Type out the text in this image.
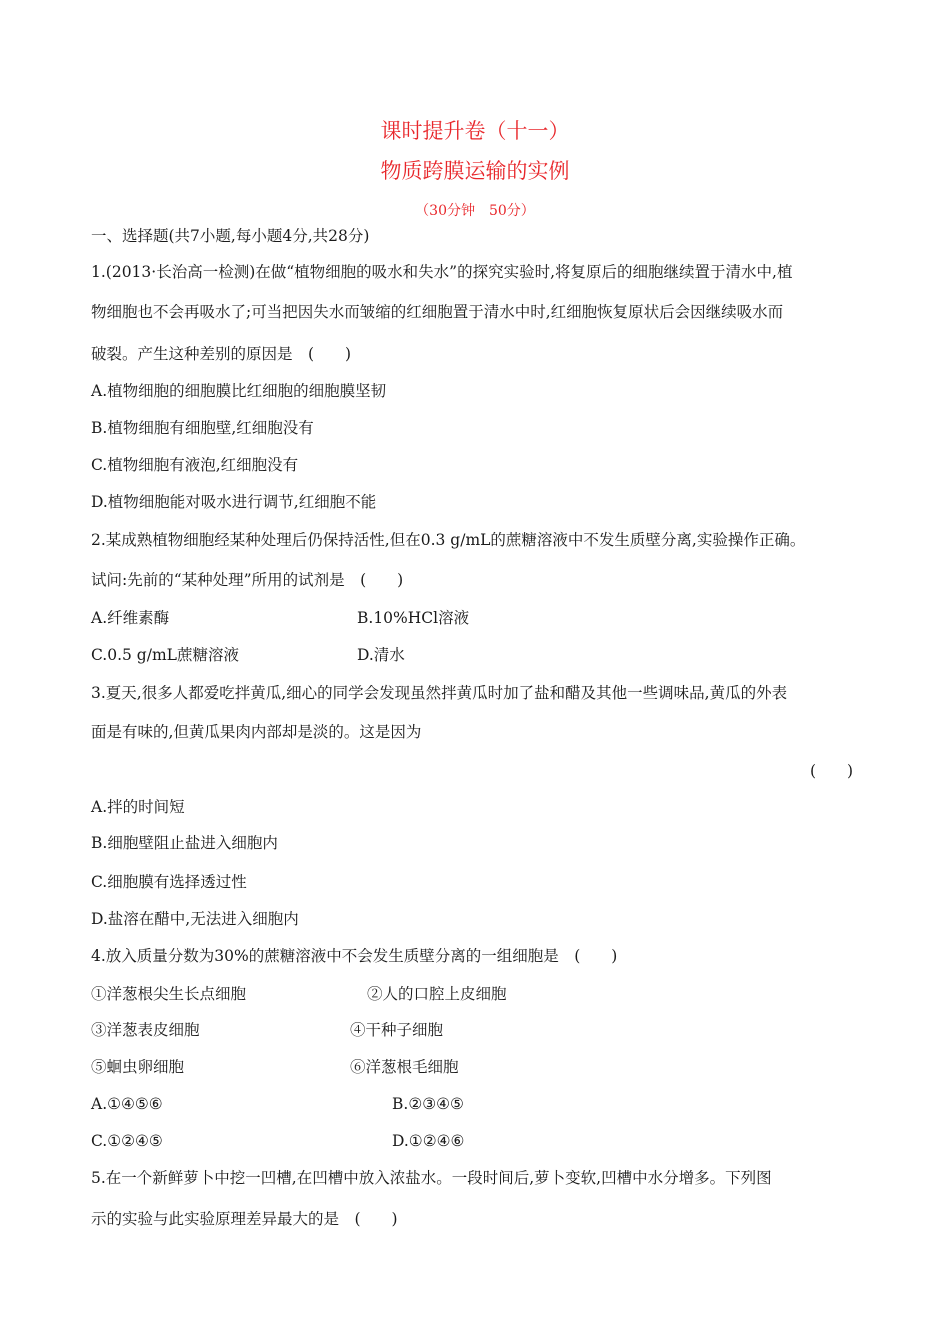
课时提升卷（十一）
物质跨膜运输的实例
（30分钟　50分）
一、选择题(共7小题,每小题4分,共28分)
1.(2013·长治高一检测)在做“植物细胞的吸水和失水”的探究实验时,将复原后的细胞继续置于清水中,植
物细胞也不会再吸水了;可当把因失水而皱缩的红细胞置于清水中时,红细胞恢复原状后会因继续吸水而
破裂。产生这种差别的原因是　(　　)
A.植物细胞的细胞膜比红细胞的细胞膜坚韧
B.植物细胞有细胞壁,红细胞没有
C.植物细胞有液泡,红细胞没有
D.植物细胞能对吸水进行调节,红细胞不能
2.某成熟植物细胞经某种处理后仍保持活性,但在0.3 g/mL的蔗糖溶液中不发生质壁分离,实验操作正确。
试问:先前的“某种处理”所用的试剂是　(　　)
A.纤维素酶	B.10%HCl溶液
C.0.5 g/mL蔗糖溶液	D.清水
3.夏天,很多人都爱吃拌黄瓜,细心的同学会发现虽然拌黄瓜时加了盐和醋及其他一些调味品,黄瓜的外表
面是有味的,但黄瓜果肉内部却是淡的。这是因为
(　　)
A.拌的时间短
B.细胞壁阻止盐进入细胞内
C.细胞膜有选择透过性
D.盐溶在醋中,无法进入细胞内
4.放入质量分数为30%的蔗糖溶液中不会发生质壁分离的一组细胞是　(　　)
①洋葱根尖生长点细胞	②人的口腔上皮细胞
③洋葱表皮细胞	④干种子细胞
⑤蛔虫卵细胞	⑥洋葱根毛细胞
A.①④⑤⑥	B.②③④⑤
C.①②④⑤	D.①②④⑥
5.在一个新鲜萝卜中挖一凹槽,在凹槽中放入浓盐水。一段时间后,萝卜变软,凹槽中水分增多。下列图
示的实验与此实验原理差异最大的是　(　　)
